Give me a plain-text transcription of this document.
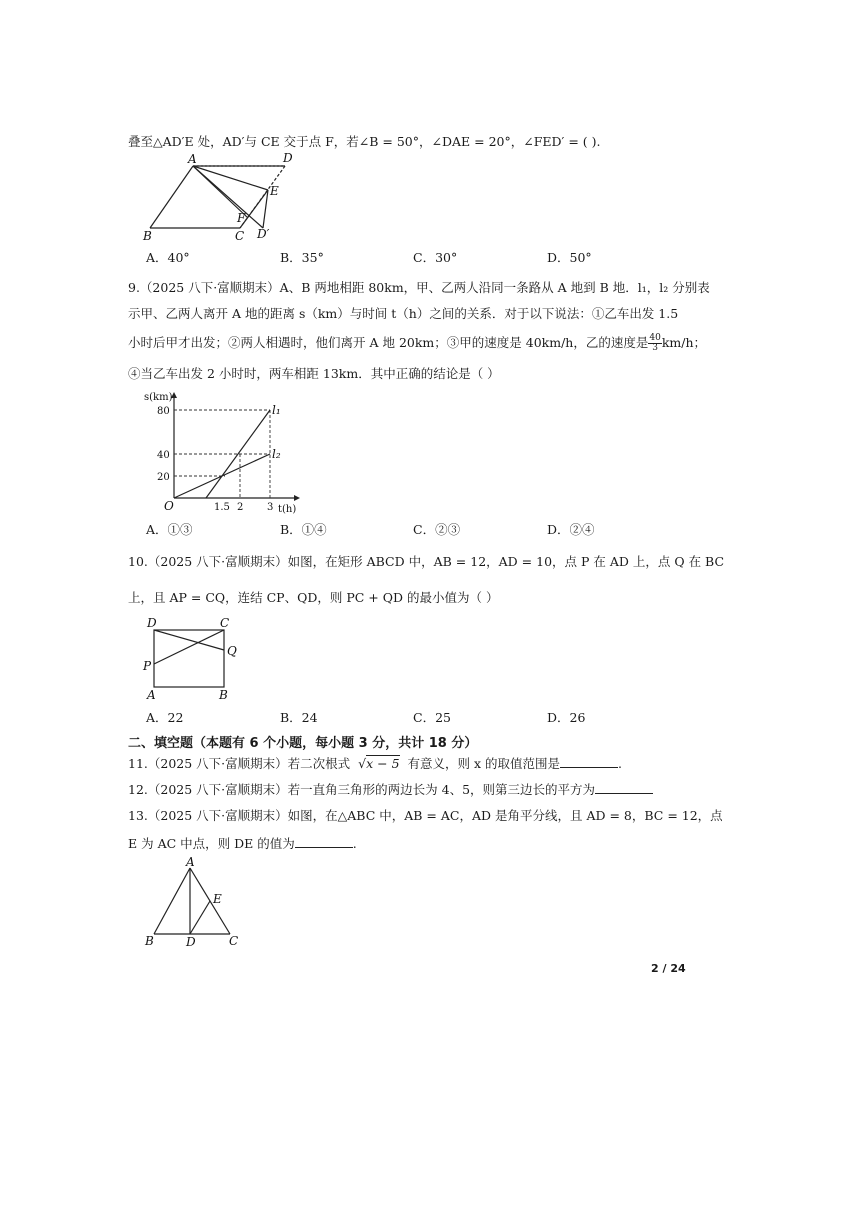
叠至△AD′E 处，AD′与 CE 交于点 F，若∠B = 50°，∠DAE = 20°，∠FED′ = ( ).
A	D
E
F
B	C D′
A．40°	B．35°	C．30°	D．50°
9.（2025 八下·富顺期末）A、B 两地相距 80km，甲、乙两人沿同一条路从 A 地到 B 地．l₁，l₂ 分别表
示甲、乙两人离开 A 地的距离 s（km）与时间 t（h）之间的关系．对于以下说法：①乙车出发 1.5
小时后甲才出发；②两人相遇时，他们离开 A 地 20km；③甲的速度是 40km/h，乙的速度是 $\frac{40}{3} km/h$；
④当乙车出发 2 小时时，两车相距 13km．其中正确的结论是（ ）
s(km)
t(h)
O
80
40
20
1.5 2 3
l₁
l₂
A．①③	B．①④	C．②③	D．②④
10.（2025 八下·富顺期末）如图，在矩形 ABCD 中，AB = 12，AD = 10，点 P 在 AD 上，点 Q 在 BC
上，且 AP = CQ，连结 CP、QD，则 PC + QD 的最小值为（ ）
D	C
Q
P
A	B
A．22	B．24	C．25	D．26
二、填空题（本题有 6 个小题，每小题 3 分，共计 18 分）
11.（2025 八下·富顺期末）若二次根式 √x − 5 有意义，则 x 的取值范围是	.
12.（2025 八下·富顺期末）若一直角三角形的两边长为 4、5，则第三边长的平方为
13.（2025 八下·富顺期末）如图，在△ABC 中，AB = AC，AD 是角平分线，且 AD = 8，BC = 12，点
E 为 AC 中点，则 DE 的值为	.
A
E
B	D	C
2 / 24
